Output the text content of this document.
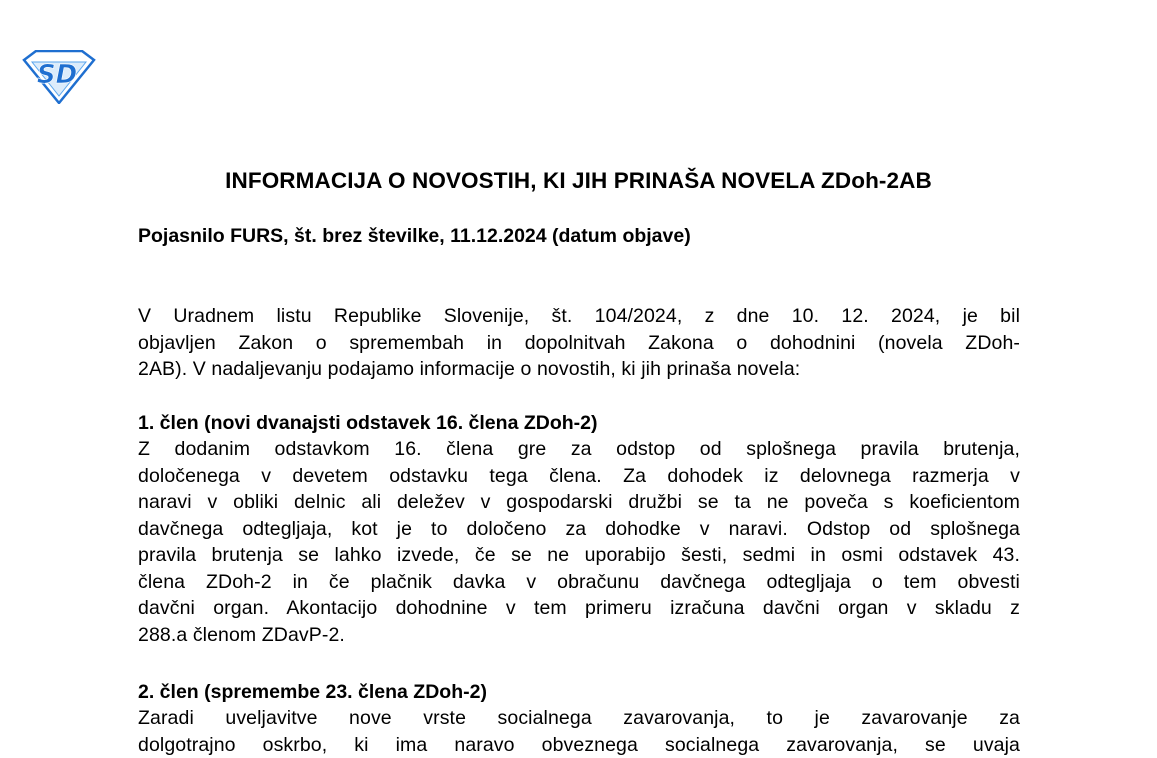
SD
INFORMACIJA O NOVOSTIH, KI JIH PRINAŠA NOVELA ZDoh-2AB

Pojasnilo FURS, št. brez številke, 11.12.2024 (datum objave)

V Uradnem listu Republike Slovenije, št. 104/2024, z dne 10. 12. 2024, je bil
objavljen Zakon o spremembah in dopolnitvah Zakona o dohodnini (novela ZDoh-
2AB). V nadaljevanju podajamo informacije o novostih, ki jih prinaša novela:

1. člen (novi dvanajsti odstavek 16. člena ZDoh-2)

Z dodanim odstavkom 16. člena gre za odstop od splošnega pravila brutenja,
določenega v devetem odstavku tega člena. Za dohodek iz delovnega razmerja v
naravi v obliki delnic ali deležev v gospodarski družbi se ta ne poveča s koeficientom
davčnega odtegljaja, kot je to določeno za dohodke v naravi. Odstop od splošnega
pravila brutenja se lahko izvede, če se ne uporabijo šesti, sedmi in osmi odstavek 43.
člena ZDoh-2 in če plačnik davka v obračunu davčnega odtegljaja o tem obvesti
davčni organ. Akontacijo dohodnine v tem primeru izračuna davčni organ v skladu z
288.a členom ZDavP-2.

2. člen (spremembe 23. člena ZDoh-2)

Zaradi uveljavitve nove vrste socialnega zavarovanja, to je zavarovanje za
dolgotrajno oskrbo, ki ima naravo obveznega socialnega zavarovanja, se uvaja
